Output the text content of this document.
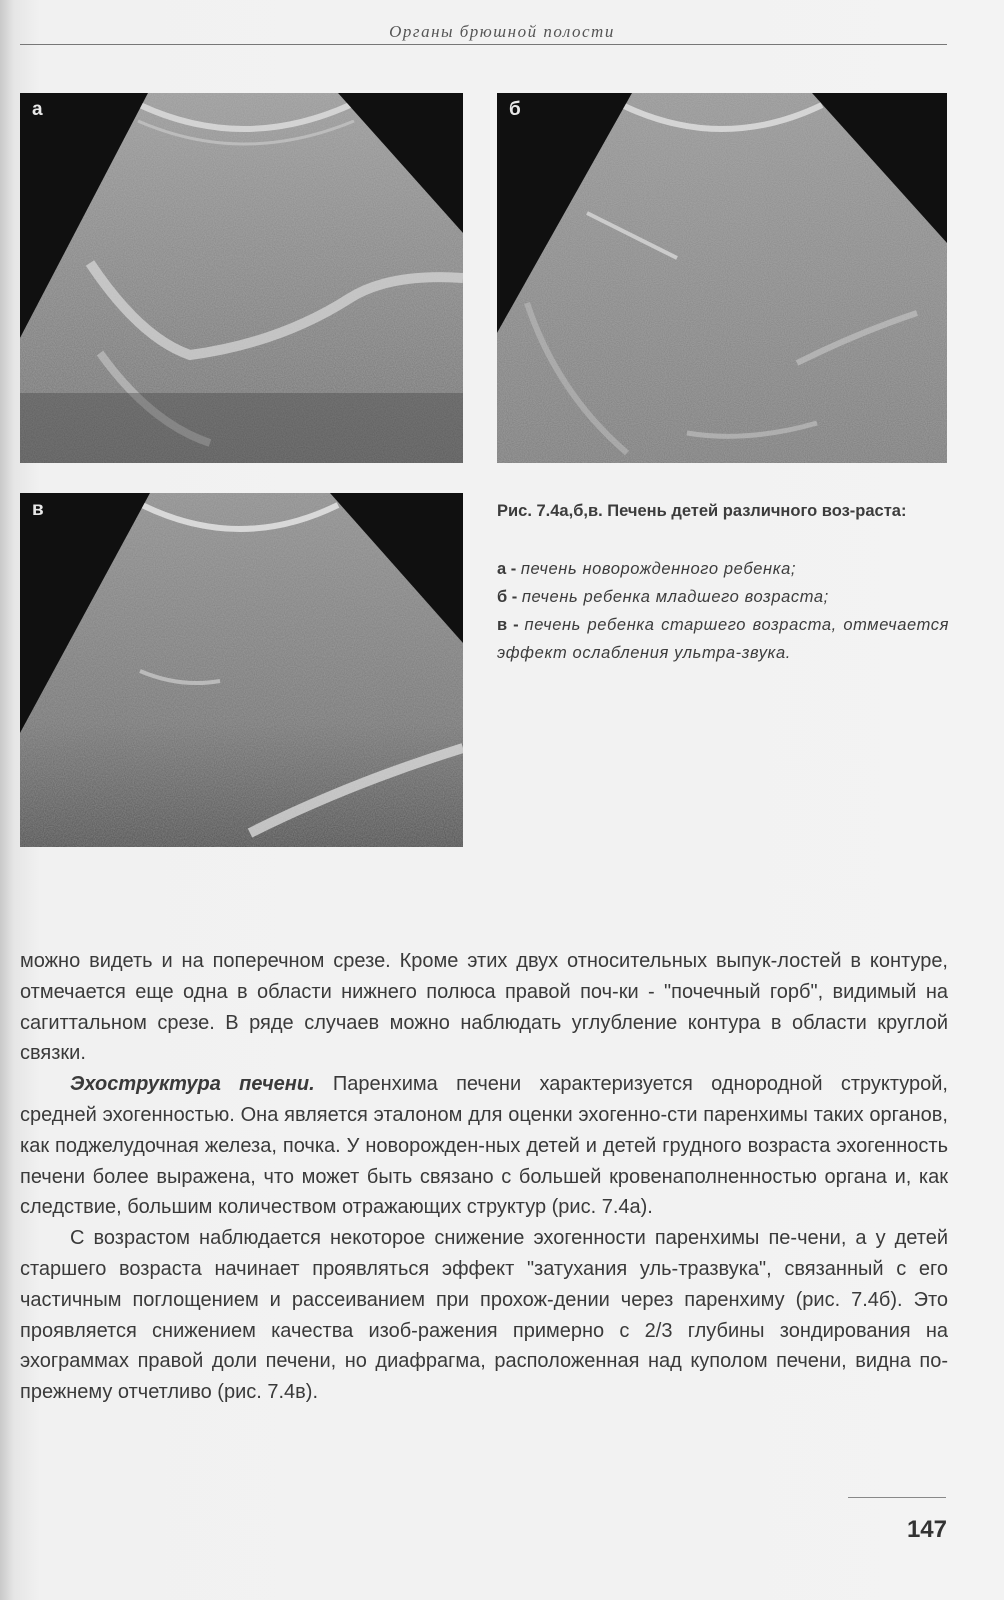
Органы брюшной полости
а	б
в	Рис. 7.4а,б,в. Печень детей различного воз-раста:

а - печень новорожденного ребенка;

б - печень ребенка младшего возраста;

в - печень ребенка старшего возраста, отмечается эффект ослабления ультра-звука.

можно видеть и на поперечном срезе. Кроме этих двух относительных выпук-лостей в контуре, отмечается еще одна в области нижнего полюса правой поч-ки - "почечный горб", видимый на сагиттальном срезе. В ряде случаев можно наблюдать углубление контура в области круглой связки.

Эхоструктура печени. Паренхима печени характеризуется однородной структурой, средней эхогенностью. Она является эталоном для оценки эхогенно-сти паренхимы таких органов, как поджелудочная железа, почка. У новорожден-ных детей и детей грудного возраста эхогенность печени более выражена, что может быть связано с большей кровенаполненностью органа и, как следствие, большим количеством отражающих структур (рис. 7.4а).

С возрастом наблюдается некоторое снижение эхогенности паренхимы пе-чени, а у детей старшего возраста начинает проявляться эффект "затухания уль-тразвука", связанный с его частичным поглощением и рассеиванием при прохож-дении через паренхиму (рис. 7.4б). Это проявляется снижением качества изоб-ражения примерно с 2/3 глубины зондирования на эхограммах правой доли печени, но диафрагма, расположенная над куполом печени, видна по-прежнему отчетливо (рис. 7.4в).

147
